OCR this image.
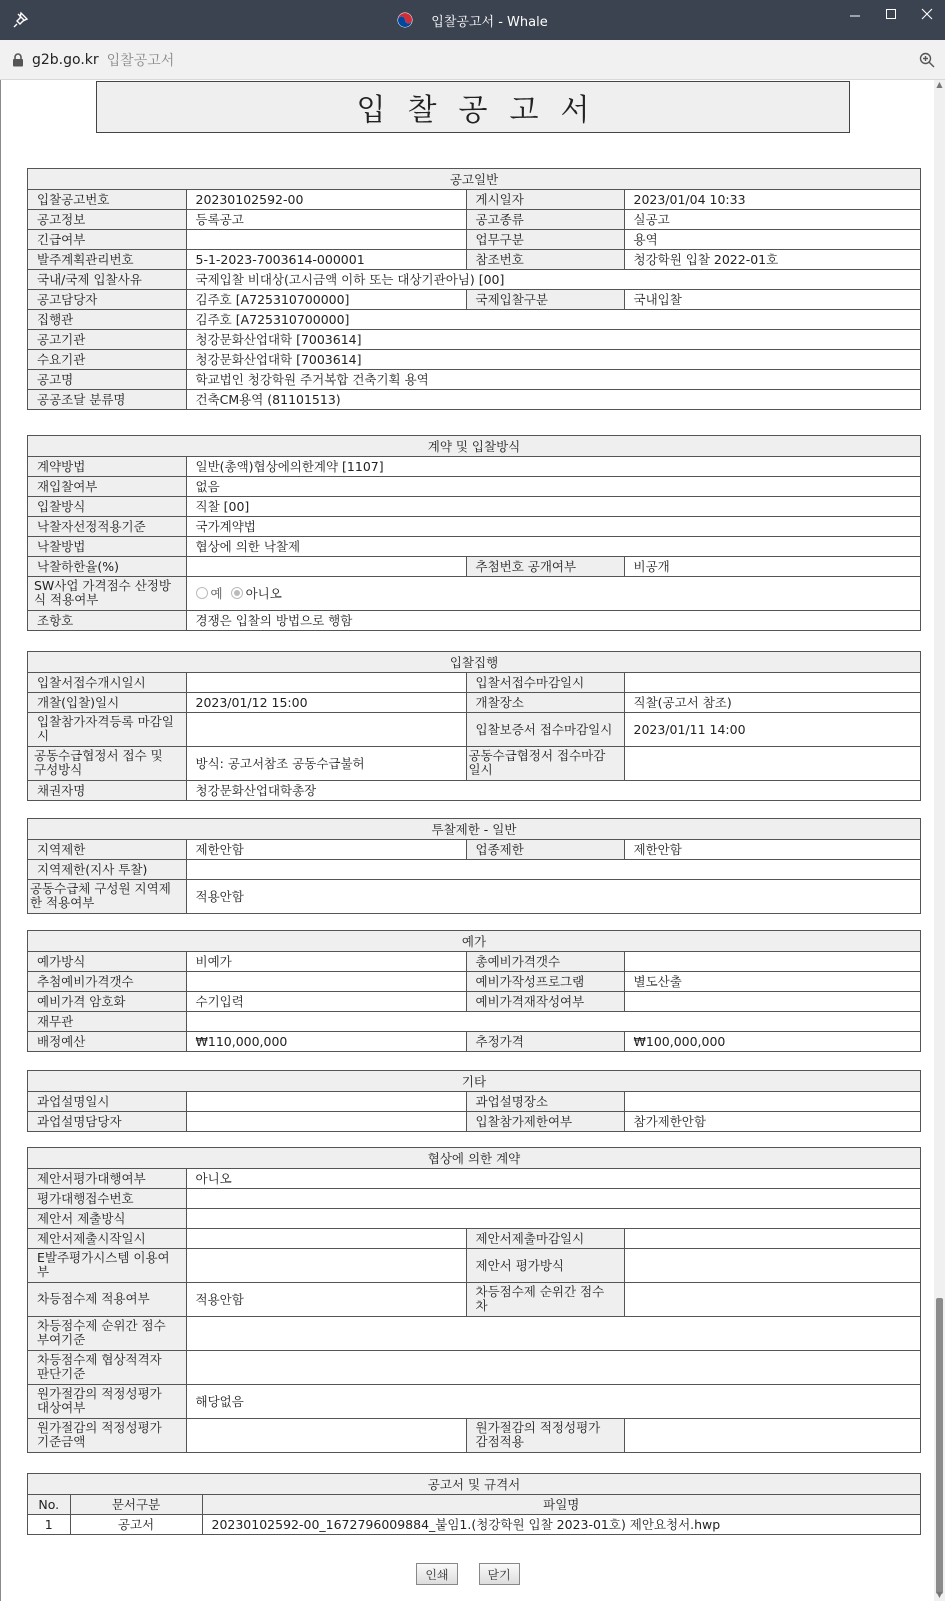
입찰공고서 - Whale
g2b.go.kr 입찰공고서
입찰공고서
공고일반			
입찰공고번호	20230102592-00	게시일자	2023/01/04 10:33
공고정보	등록공고	공고종류	실공고
긴급여부		업무구분	용역
발주계획관리번호	5-1-2023-7003614-000001	참조번호	청강학원 입찰 2022-01호
국내/국제 입찰사유	국제입찰 비대상(고시금액 이하 또는 대상기관아님) [00]		
공고담당자	김주호 [A725310700000]	국제입찰구분	국내입찰
집행관	김주호 [A725310700000]		
공고기관	청강문화산업대학 [7003614]		
수요기관	청강문화산업대학 [7003614]		
공고명	학교법인 청강학원 주거복합 건축기획 용역		
공공조달 분류명	건축CM용역 (81101513)		
계약 및 입찰방식			
계약방법	일반(총액)협상에의한계약 [1107]		
재입찰여부	없음		
입찰방식	직찰 [00]		
낙찰자선정적용기준	국가계약법		
낙찰방법	협상에 의한 낙찰제		
낙찰하한율(%)		추첨번호 공개여부	비공개
SW사업 가격점수 산정방식 적용여부	예
아니오		

조항호	경쟁은 입찰의 방법으로 행함		
입찰집행			
입찰서접수개시일시		입찰서접수마감일시	
개찰(입찰)일시	2023/01/12 15:00	개찰장소	직찰(공고서 참조)
입찰참가자격등록 마감일시		입찰보증서 접수마감일시	2023/01/11 14:00
공동수급협정서 접수 및 구성방식	방식: 공고서참조 공동수급불허	공동수급협정서 접수마감일시	
채권자명	청강문화산업대학총장		
투찰제한 - 일반			
지역제한	제한안함	업종제한	제한안함
지역제한(지사 투찰)			
공동수급체 구성원 지역제한 적용여부	적용안함		
예가			
예가방식	비예가	총예비가격갯수	
추첨예비가격갯수		예비가작성프로그램	별도산출
예비가격 암호화	수기입력	예비가격재작성여부	
재무관			
배정예산	₩110,000,000	추정가격	₩100,000,000
기타			
과업설명일시		과업설명장소	
과업설명담당자		입찰참가제한여부	참가제한안함
협상에 의한 계약			
제안서평가대행여부	아니오		
평가대행접수번호			
제안서 제출방식			
제안서제출시작일시		제안서제출마감일시	
E발주평가시스템 이용여부		제안서 평가방식	
차등점수제 적용여부	적용안함	차등점수제 순위간 점수차	
차등점수제 순위간 점수 부여기준			
차등점수제 협상적격자 판단기준			
원가절감의 적정성평가 대상여부	해당없음		
원가절감의 적정성평가 기준금액		원가절감의 적정성평가 감점적용	
공고서 및 규격서		
No.	문서구분	파일명
1	공고서	20230102592-00_1672796009884_붙임1.(청강학원 입찰 2023-01호) 제안요청서.hwp
인쇄	닫기
▲
▼
